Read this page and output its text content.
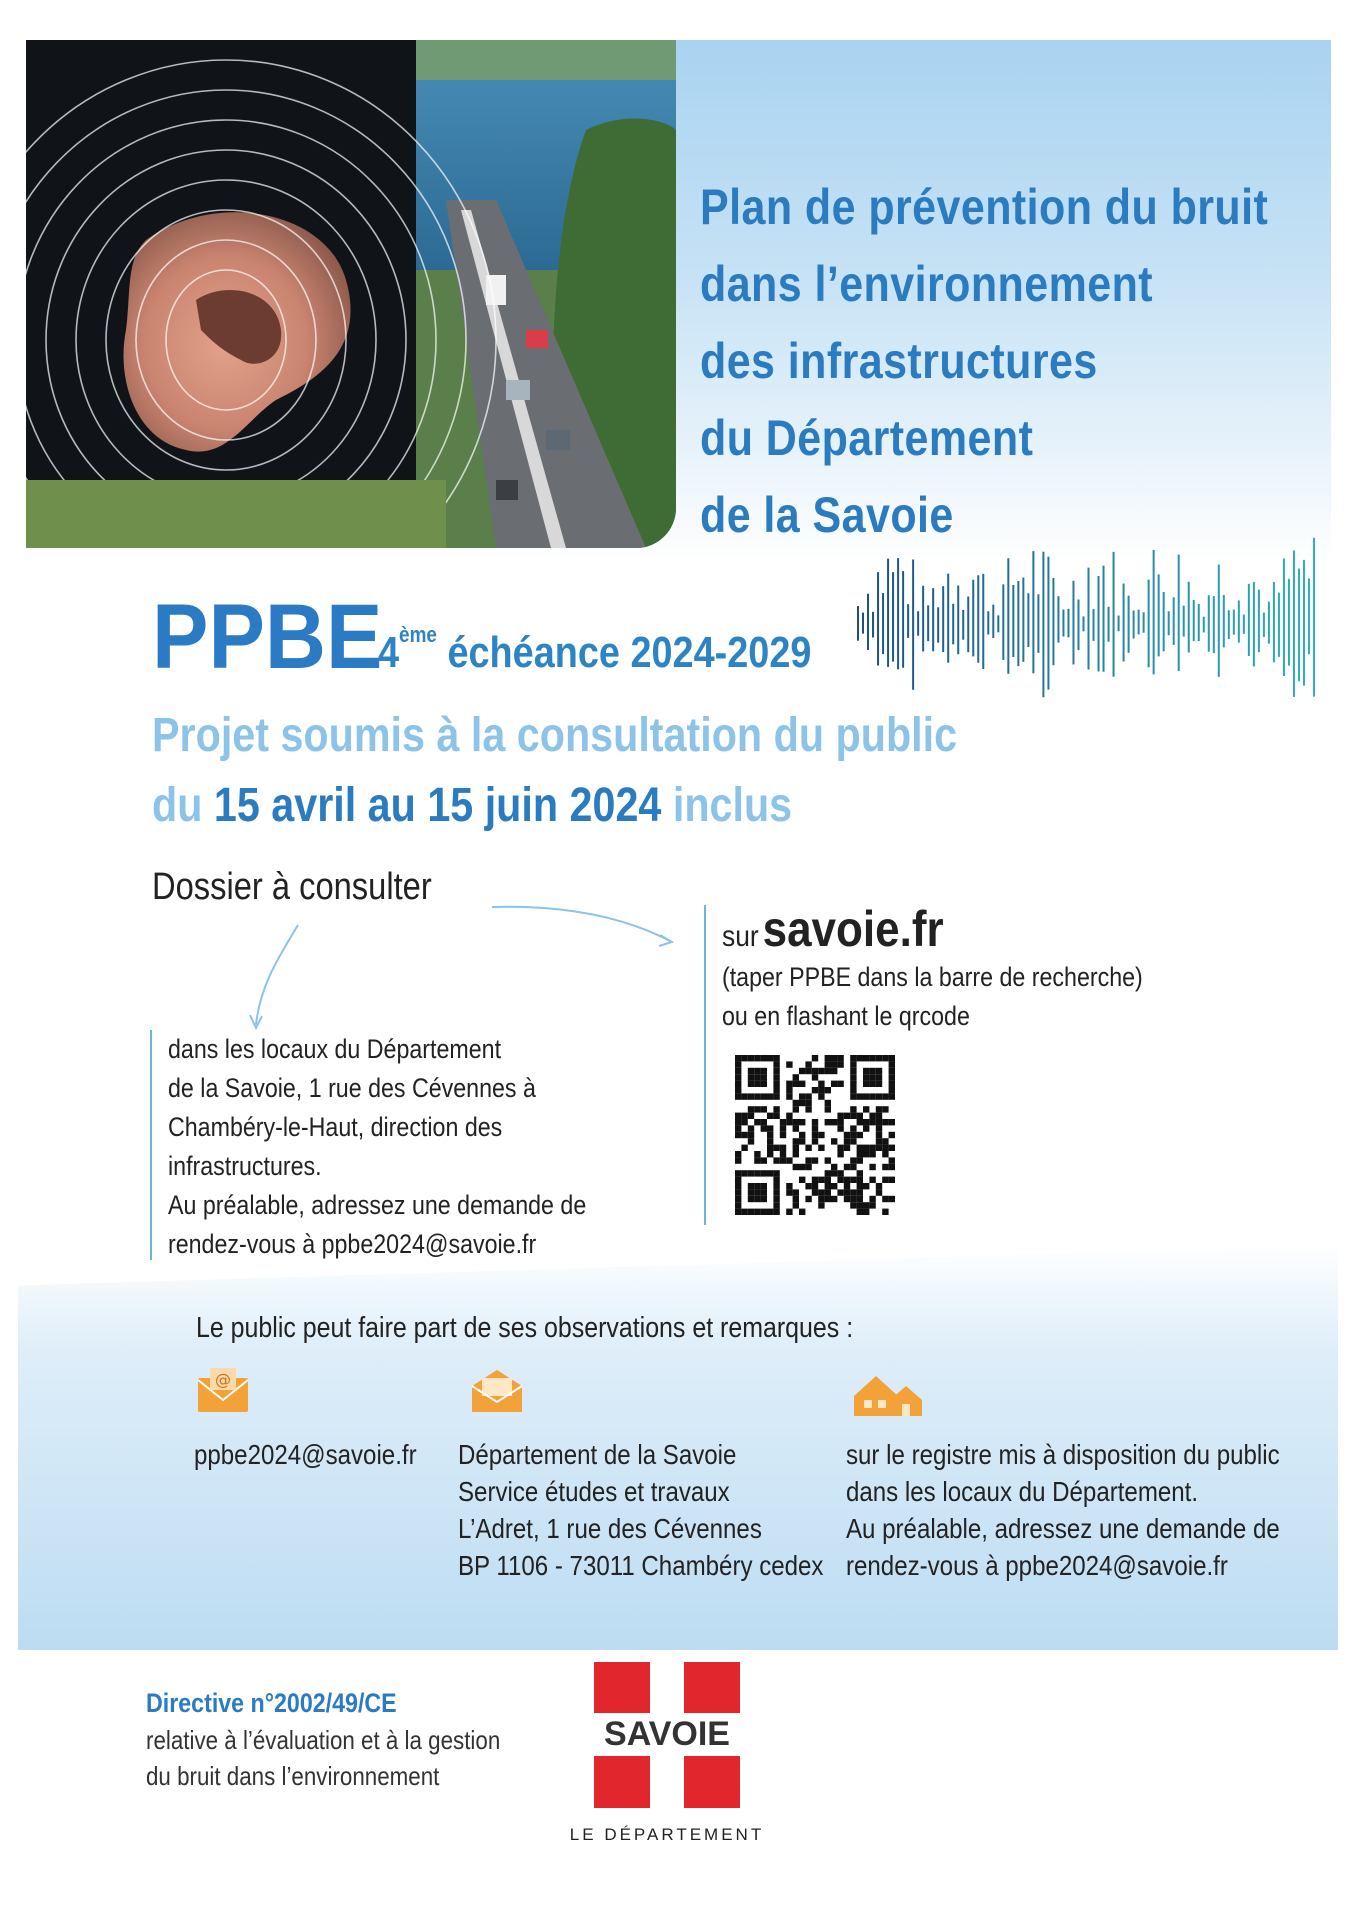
Plan de prévention du bruit
dans l’environnement
des infrastructures
du Département
de la Savoie
PPBE
4ème échéance 2024-2029
Projet soumis à la consultation du public
du 15 avril au 15 juin 2024 inclus
Dossier à consulter
dans les locaux du Département
de la Savoie, 1 rue des Cévennes à
Chambéry-le-Haut, direction des
infrastructures.
Au préalable, adressez une demande de
rendez-vous à ppbe2024@savoie.fr
sur savoie.fr
(taper PPBE dans la barre de recherche)
ou en flashant le qrcode
Le public peut faire part de ses observations et remarques :
@
ppbe2024@savoie.fr Département de la Savoie
Service études et travaux
L’Adret, 1 rue des Cévennes
BP 1106 - 73011 Chambéry cedex
sur le registre mis à disposition du public
dans les locaux du Département.
Au préalable, adressez une demande de
rendez-vous à ppbe2024@savoie.fr
Directive n°2002/49/CE
relative à l’évaluation et à la gestion
du bruit dans l’environnement
SAVOIE
LE DÉPARTEMENT
